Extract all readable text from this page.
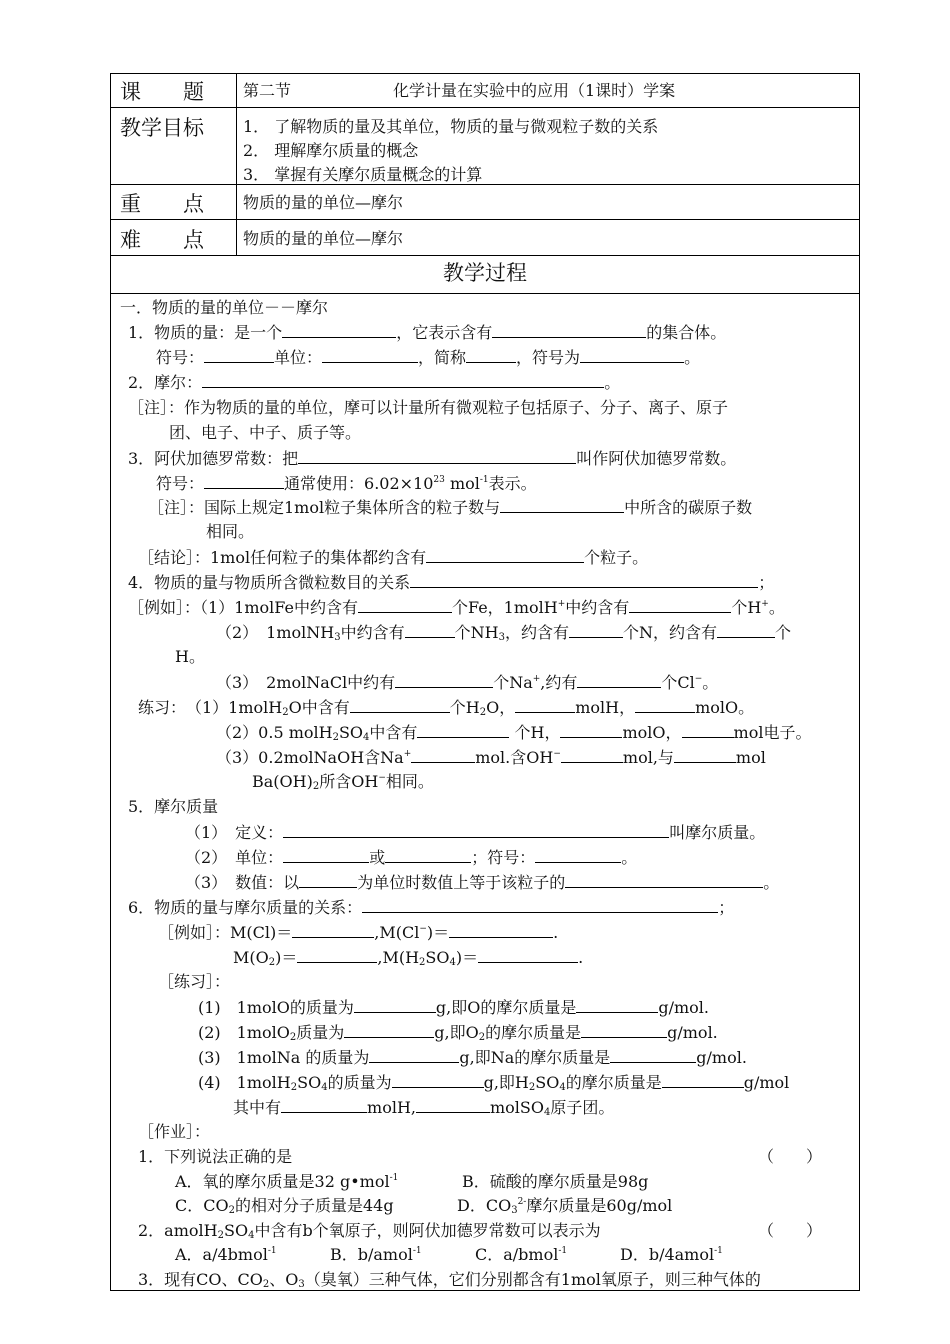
课　　题 第二节	化学计量在实验中的应用（1课时）学案
教学目标 1． 了解物质的量及其单位，物质的量与微观粒子数的关系
2． 理解摩尔质量的概念
3． 掌握有关摩尔质量概念的计算
重　　点 物质的量的单位—摩尔
难　　点 物质的量的单位—摩尔
教学过程
一．物质的量的单位－－摩尔
1．物质的量：是一个	，它表示含有	的集合体。
符号：	单位：	，简称	，符号为	。
2．摩尔：	。
［注］：作为物质的量的单位，摩可以计量所有微观粒子包括原子、分子、离子、原子
团、电子、中子、质子等。
3．阿伏加德罗常数：把	叫作阿伏加德罗常数。
符号：	通常使用：$6.02\times 10^{23}$ mol$^{-1}$表示。
［注］：国际上规定1mol粒子集体所含的粒子数与	中所含的碳原子数
相同。
［结论］：1mol任何粒子的集体都约含有	个粒子。
4．物质的量与物质所含微粒数目的关系	；
［例如］：（1）1molFe中约含有	个Fe，1molH+中约含有	个H+。
（2）　1molNH$_3$中约含有	个$NH_3$，约含有	个N，约含有	个
H。
（3）　2molNaCl中约有	个Na+,约有	个Cl−。
练习：　（1）1molH$_2$O中含有	个$H_2O$，	molH，	molO。
（2）0.5 $molH_2SO_4$中含有	个H，	molO，	mol电子。
（3）0.2molNaOH含Na+	mol.含OH−	mol,与	mol
$Ba(OH)_2$所含OH−相同。
5．摩尔质量
（1）　定义：	叫摩尔质量。
（2）　单位：	或	；符号：	。
（3）　数值：以	为单位时数值上等于该粒子的	。
6．物质的量与摩尔质量的关系：	；
［例如］：M(Cl)＝	,M(Cl−)＝	.
$M(O_2)=$	$,M(H_2SO_4)=$	.
［练习］：
(1)　1molO的质量为	g,即O的摩尔质量是	g/mol.
(2)　1molO$_2$质量为	g,即$O_2$的摩尔质量是	g/mol.
(3)　1molNa 的质量为	g,即Na的摩尔质量是	g/mol.
(4)　$1molH_2SO_4$的质量为	g,即$H_2SO_4$的摩尔质量是	g/mol
其中有	molH,	molSO$_4$原子团。
［作业］：
1．下列说法正确的是	（　　）
A．氧的摩尔质量是32 g•mol$^{-1}$	B．硫酸的摩尔质量是98g
C．$CO_2$的相对分子质量是44g	D．$CO_3^{2-}$摩尔质量是60g/mol
2．$amolH_2SO_4$中含有b个氧原子，则阿伏加德罗常数可以表示为	（　　）
A．a/4bmol$^{-1}$	B．b/amol$^{-1}$	C．a/bmol$^{-1}$	D．b/4amol$^{-1}$
3．现有CO、$CO_2$、$O_3$（臭氧）三种气体，它们分别都含有1mol氧原子，则三种气体的
